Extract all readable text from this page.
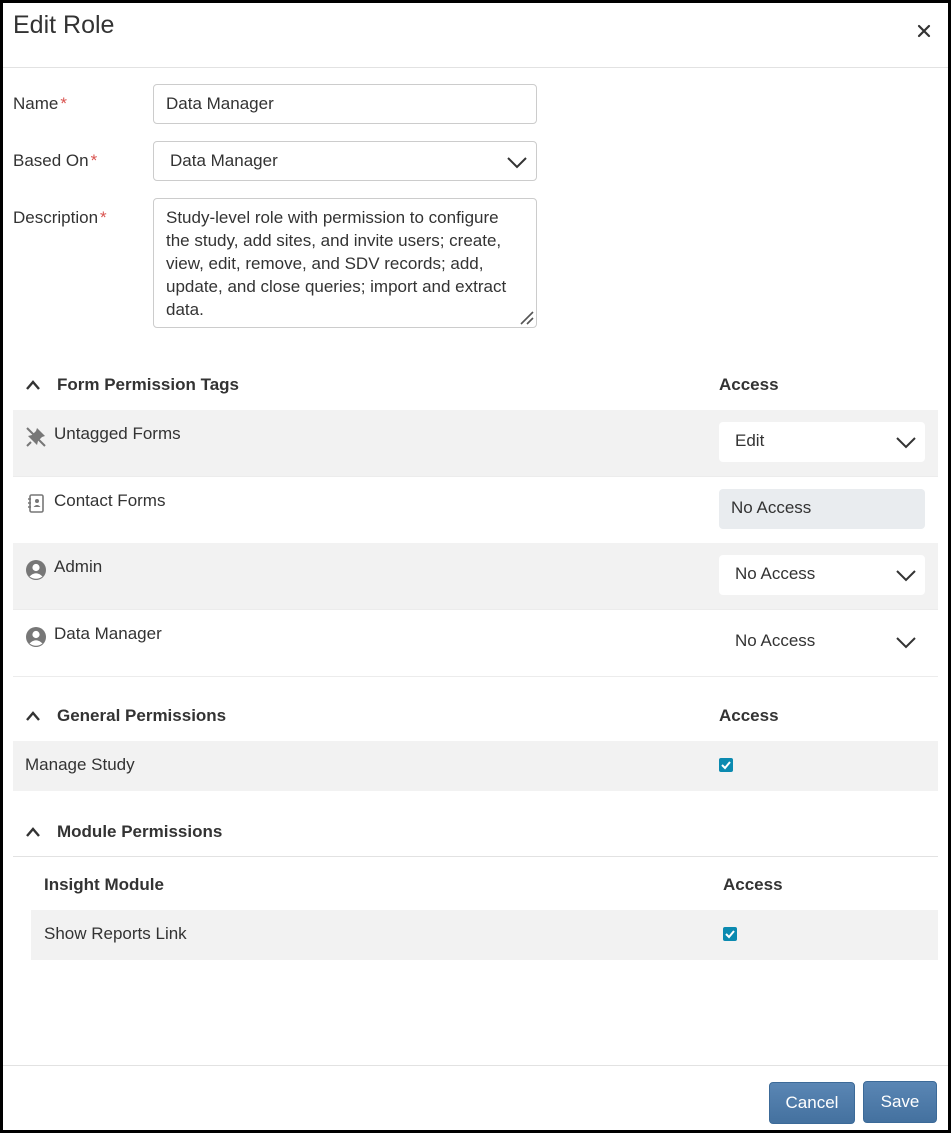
Edit Role
Name *	Data Manager
Based On *	Data Manager
Description *	Study-level role with permission to configure the study, add sites, and invite users; create, view, edit, remove, and SDV records; add, update, and close queries; import and extract data.
Form Permission Tags	Access
Untagged Forms	Edit
Contact Forms	No Access
Admin	No Access
Data Manager	No Access
General Permissions	Access
Manage Study
Module Permissions
Insight Module	Access
Show Reports Link
Cancel	Save
